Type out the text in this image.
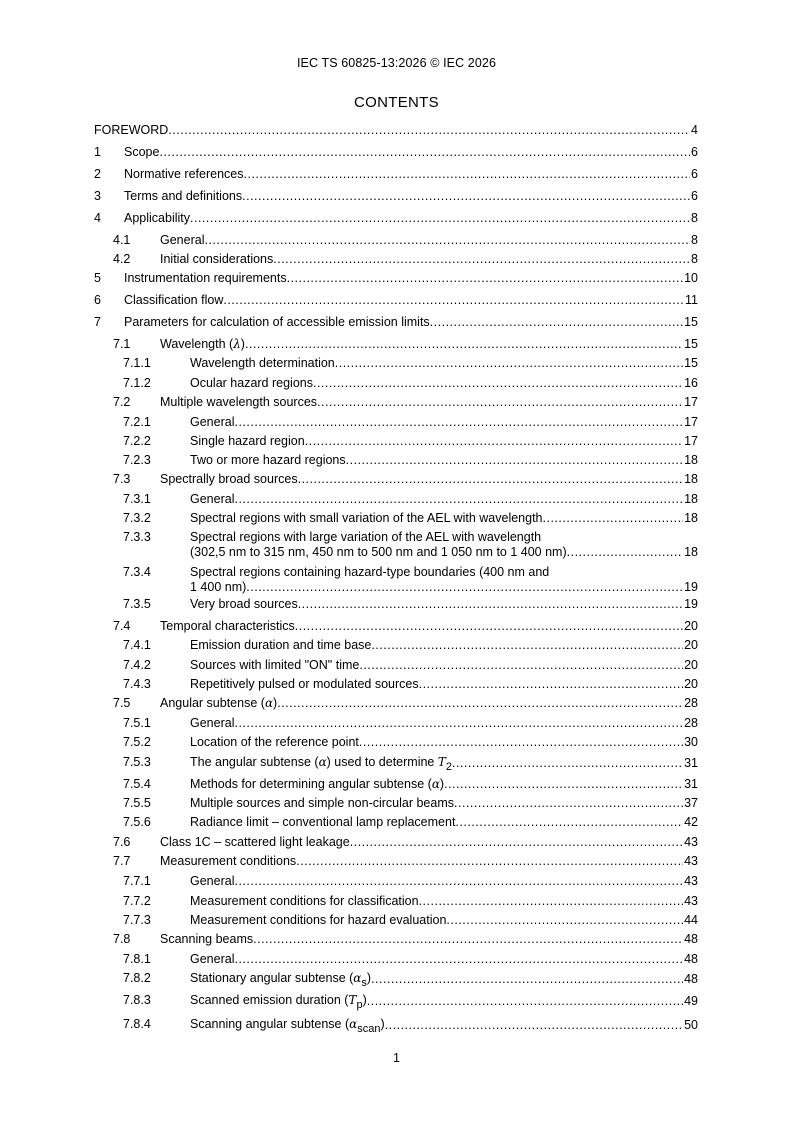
IEC TS 60825-13:2026 © IEC 2026
CONTENTS
FOREWORD .....	4
1 Scope .....	6
2 Normative references .....	6
3 Terms and definitions .....	6
4 Applicability .....	8
4.1 General .....	8
4.2 Initial considerations .....	8
5 Instrumentation requirements .....	10
6 Classification flow .....	11
7 Parameters for calculation of accessible emission limits .....	15
7.1 Wavelength (λ) .....	15
7.1.1	Wavelength determination .....	15
7.1.2	Ocular hazard regions .....	16
7.2 Multiple wavelength sources .....	17
7.2.1	General .....	17
7.2.2	Single hazard region .....	17
7.2.3	Two or more hazard regions .....	18
7.3 Spectrally broad sources .....	18
7.3.1	General .....	18
7.3.2	Spectral regions with small variation of the AEL with wavelength .....	18
7.3.3	Spectral regions with large variation of the AEL with wavelength
(302,5 nm to 315 nm, 450 nm to 500 nm and 1 050 nm to 1 400 nm) .....	18
7.3.4	Spectral regions containing hazard-type boundaries (400 nm and
1 400 nm) .....	19
7.3.5	Very broad sources .....	19
7.4 Temporal characteristics .....	20
7.4.1	Emission duration and time base .....	20
7.4.2	Sources with limited "ON" time .....	20
7.4.3	Repetitively pulsed or modulated sources .....	20
7.5 Angular subtense (α) .....	28
7.5.1	General .....	28
7.5.2	Location of the reference point .....	30
7.5.3	The angular subtense (α) used to determine T2 .....	31
7.5.4	Methods for determining angular subtense (α) .....	31
7.5.5	Multiple sources and simple non-circular beams .....	37
7.5.6	Radiance limit – conventional lamp replacement .....	42
7.6 Class 1C – scattered light leakage .....	43
7.7 Measurement conditions .....	43
7.7.1	General .....	43
7.7.2	Measurement conditions for classification .....	43
7.7.3	Measurement conditions for hazard evaluation .....	44
7.8 Scanning beams .....	48
7.8.1	General .....	48
7.8.2	Stationary angular subtense (αs) .....	48
7.8.3	Scanned emission duration (Tp) .....	49
7.8.4	Scanning angular subtense (αscan) .....	50
1
